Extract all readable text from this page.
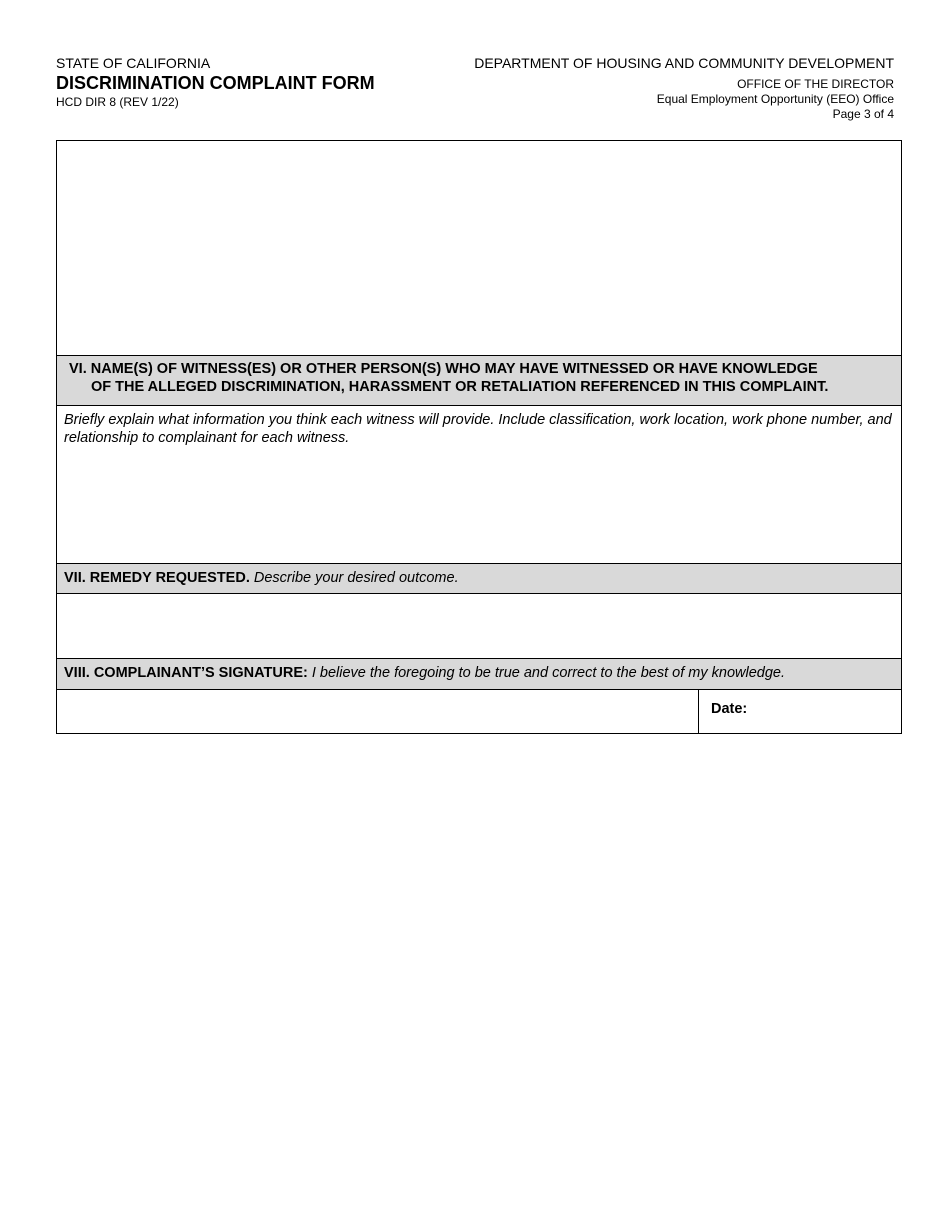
STATE OF CALIFORNIA
DISCRIMINATION COMPLAINT FORM
HCD DIR 8 (REV 1/22)
DEPARTMENT OF HOUSING AND COMMUNITY DEVELOPMENT
OFFICE OF THE DIRECTOR
Equal Employment Opportunity (EEO) Office
Page 3 of 4
VI. NAME(S) OF WITNESS(ES) OR OTHER PERSON(S) WHO MAY HAVE WITNESSED OR HAVE KNOWLEDGE
OF THE ALLEGED DISCRIMINATION, HARASSMENT OR RETALIATION REFERENCED IN THIS COMPLAINT.
Briefly explain what information you think each witness will provide. Include classification, work location, work phone number, and relationship to complainant for each witness.
VII. REMEDY REQUESTED. Describe your desired outcome.
VIII. COMPLAINANT’S SIGNATURE: I believe the foregoing to be true and correct to the best of my knowledge.
Date:
